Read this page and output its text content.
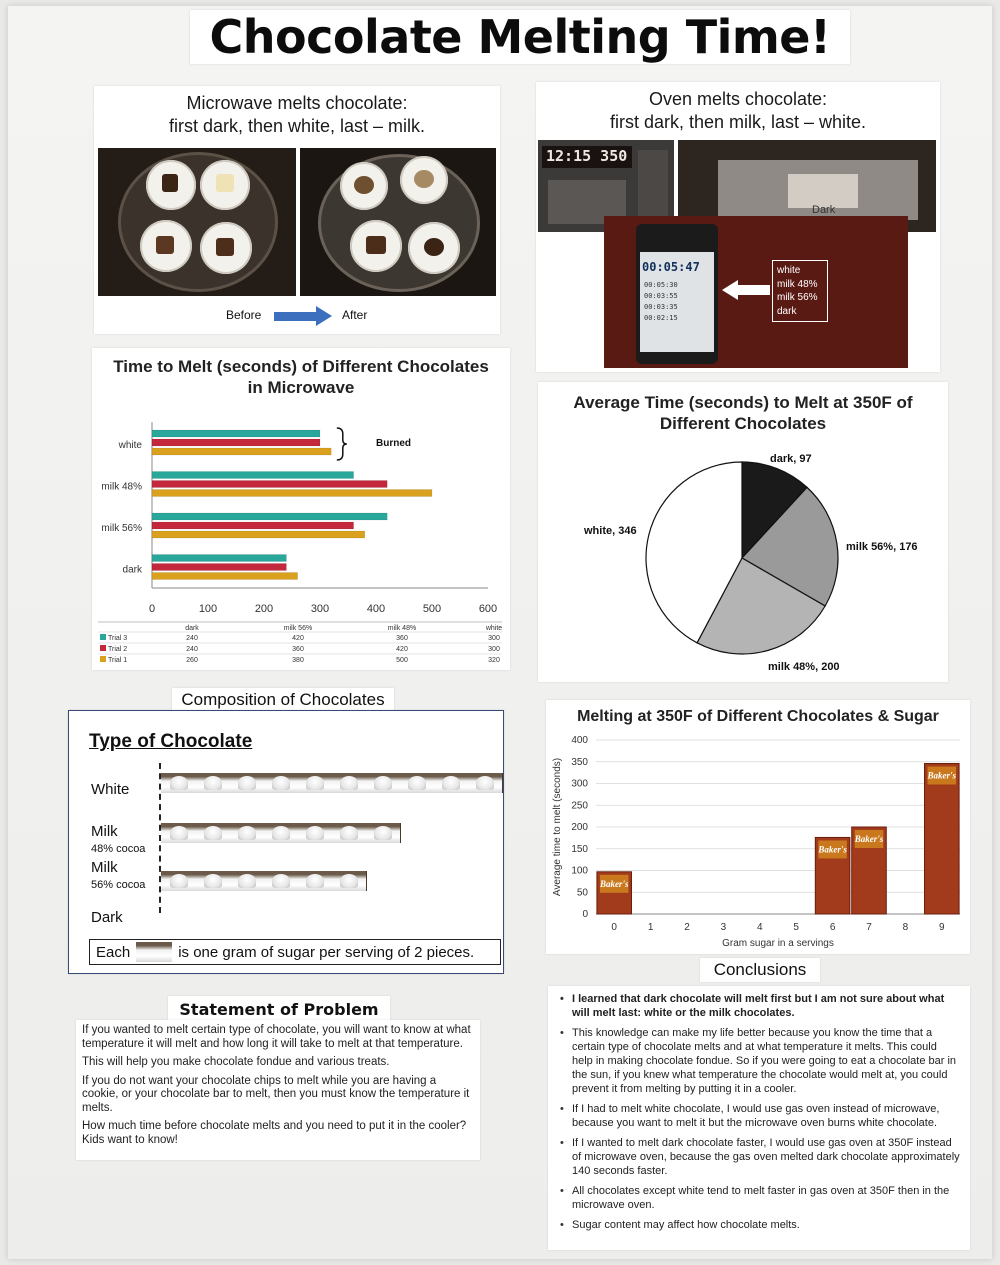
Chocolate Melting Time!
Microwave melts chocolate:
first dark, then white, last – milk.
Before	After
Oven melts chocolate:
first dark, then milk, last – white.
12:15 350
Dark
00:05:47
00:05:30
00:03:55
00:03:35
00:02:15
white
milk 48%
milk 56%
dark
Time to Melt (seconds) of Different Chocolates
in Microwave
0	100	200	300	400	500	600
white
milk 48%
milk 56%
dark
Burned
dark	milk 56%	milk 48%	white
Trial 3	240	420	360	300
Trial 2	240	360	420	300
Trial 1	260	380	500	320
Average Time (seconds) to Melt at 350F of
Different Chocolates
dark, 97
milk 56%, 176
milk 48%, 200
white, 346
Composition of Chocolates
Type of Chocolate
White
Milk
48% cocoa
Milk
56% cocoa
Dark
Each	is one gram of sugar per serving of 2 pieces.
Melting at 350F of Different Chocolates & Sugar
0
50
100
150
200
250
300
350
400
0
Baker's
1	2	3	4	5	6
Baker's
7
Baker's
8	9
Baker's
Gram sugar in a servings
Average time to melt (seconds)
Conclusions
• I learned that dark chocolate will melt first but I am not sure about what will melt last: white or the milk chocolates.
• This knowledge can make my life better because you know the time that a certain type of chocolate melts and at what temperature it melts. This could help in making chocolate fondue. So if you were going to eat a chocolate bar in the sun, if you knew what temperature the chocolate would melt at, you could prevent it from melting by putting it in a cooler.
• If I had to melt white chocolate, I would use gas oven instead of microwave, because you want to melt it but the microwave oven burns white chocolate.
• If I wanted to melt dark chocolate faster, I would use gas oven at 350F instead of microwave oven, because the gas oven melted dark chocolate approximately 140 seconds faster.
• All chocolates except white tend to melt faster in gas oven at 350F then in the microwave oven.
• Sugar content may affect how chocolate melts.
Statement of Problem

If you wanted to melt certain type of chocolate, you will want to know at what temperature it will melt and how long it will take to melt at that temperature.

This will help you make chocolate fondue and various treats.

If you do not want your chocolate chips to melt while you are having a cookie, or your chocolate bar to melt, then you must know the temperature it melts.

How much time before chocolate melts and you need to put it in the cooler? Kids want to know!
